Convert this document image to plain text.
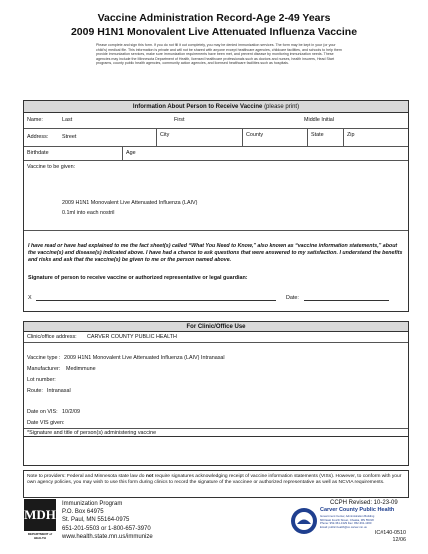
Vaccine Administration Record-Age 2-49 Years
2009 H1N1 Monovalent Live Attenuated Influenza Vaccine
Please complete and sign this form. If you do not fill it out completely, you may be denied immunization services. The form may be kept in your (or your child's) medical file. This information is private and will not be shared with anyone except healthcare agencies, childcare facilities, and schools to help them provide immunization services, make sure immunization requirements have been met, and prevent disease by monitoring immunization needs. These agencies may include the Minnesota Department of Health, licensed healthcare professionals such as doctors and nurses, health insurers, Head Start programs, county public health agencies, community action agencies, and licensed healthcare facilities such as hospitals.
Information About Person to Receive Vaccine (please print)
Name:	Last	First	Middle Initial
Address:	Street	City	County	State	Zip
Birthdate	Age
Vaccine to be given:
2009 H1N1 Monovalent Live Attenuated Influenza (LAIV)
0.1ml into each nostril
I have read or have had explained to me the fact sheet(s) called “What You Need to Know,” also known as “vaccine information statements,” about the vaccine(s) and disease(s) indicated above. I have had a chance to ask questions that were answered to my satisfaction. I understand the benefits and risks and ask that the vaccine(s) be given to me or the person named above.
Signature of person to receive vaccine or authorized representative or legal guardian:
X	Date:
For Clinic/Office Use
Clinic/office address: CARVER COUNTY PUBLIC HEALTH
Vaccine type : 2009 H1N1 Monovalent Live Attenuated Influenza (LAIV) Intranasal
Manufacturer: Medimmune
Lot number:
Route: Intranasal
Date on VIS: 10/2/09
Date VIS given:
*Signature and title of person(s) administering vaccine
Note to providers: Federal and Minnesota state law do not require signatures acknowledging receipt of vaccine information statements (VISs). However, to conform with your own agency policies, you may wish to use this form during clinics to record the signature of the vaccinee or authorized representative as well as NCVIA requirements.
MDH
DEPARTMENT of HEALTH
Immunization Program
P.O. Box 64975
St. Paul, MN 55164-0975
651-201-5503 or 1-800-657-3970
www.health.state.mn.us/immunize
CCPH Revised: 10-23-09
Carver County Public Health
Government Center, Administration Building
600 East Fourth Street, Chaska, MN 55318
Phone: 952-361-1329 Fax: 952-361-1360
Email: public.health@co.carver.mn.us
IC#140-0510
12/06
